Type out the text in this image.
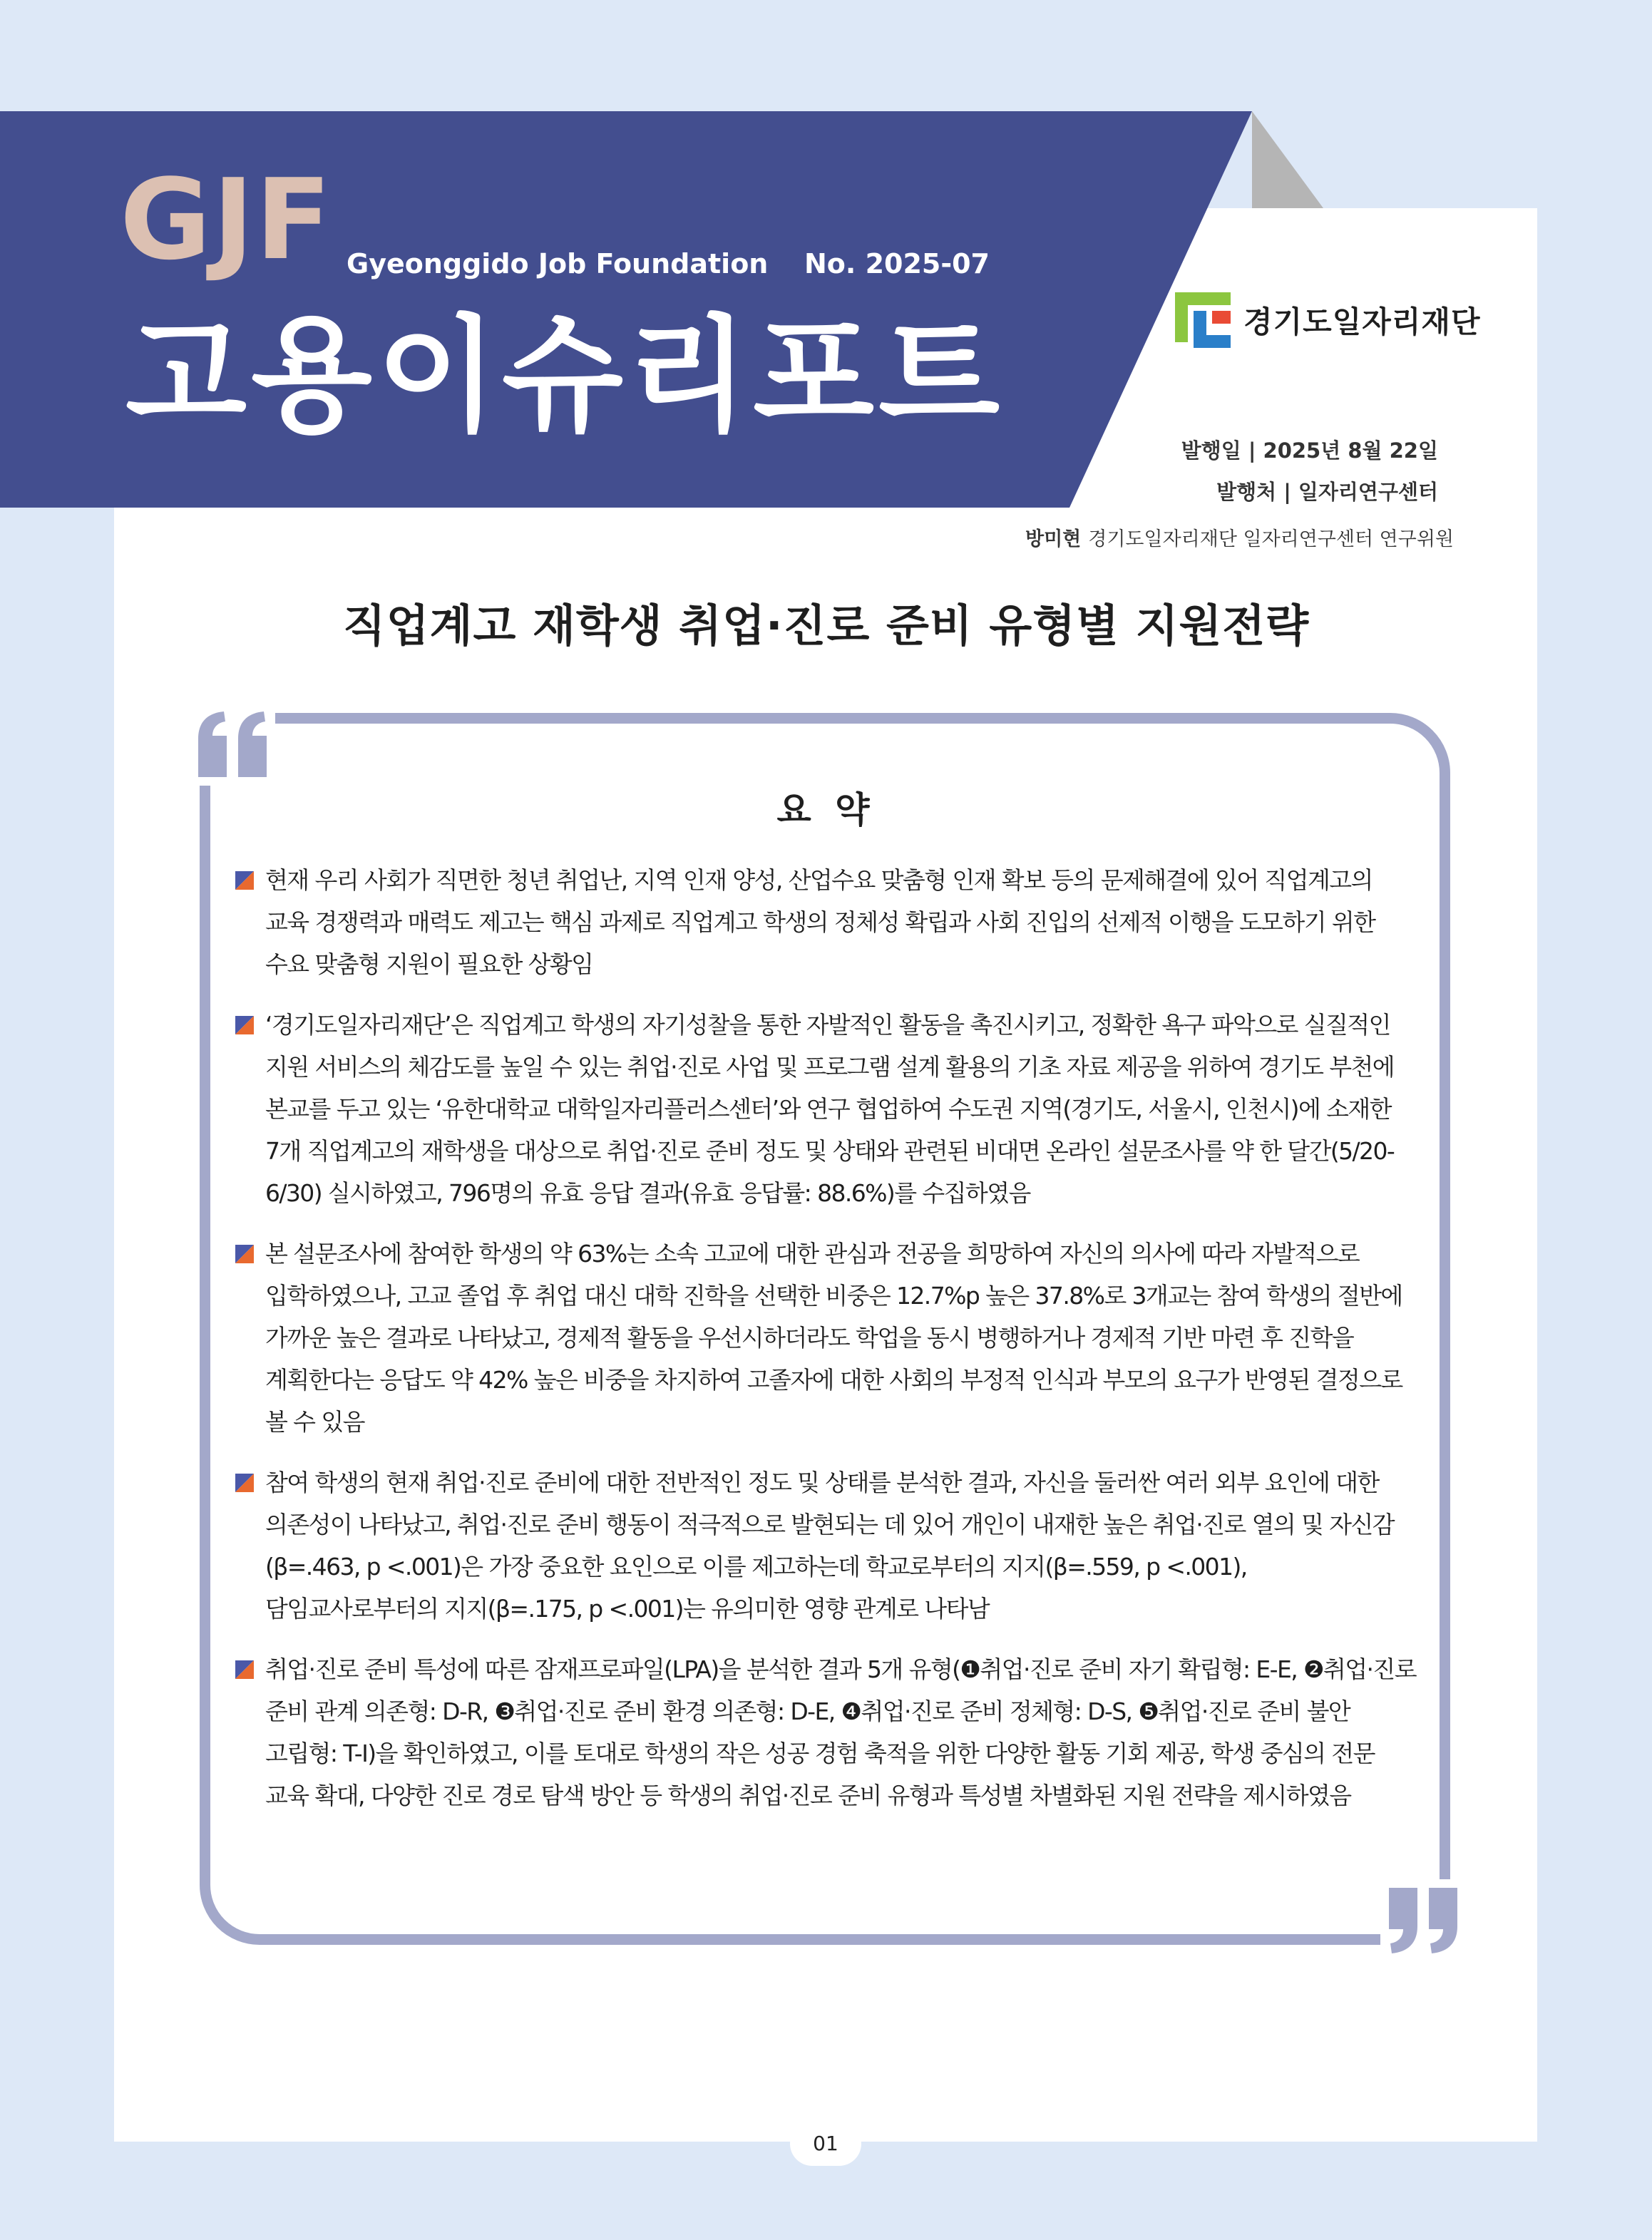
GJF Gyeonggido Job Foundation No. 2025-07
고용이슈리포트	경기도일자리재단
발행일 | 2025년 8월 22일
발행처 | 일자리연구센터
방미현 경기도일자리재단 일자리연구센터 연구위원
직업계고 재학생 취업·진로 준비 유형별 지원전략
요 약
현재 우리 사회가 직면한 청년 취업난, 지역 인재 양성, 산업수요 맞춤형 인재 확보 등의 문제해결에 있어 직업계고의 교육 경쟁력과 매력도 제고는 핵심 과제로 직업계고 학생의 정체성 확립과 사회 진입의 선제적 이행을 도모하기 위한 수요 맞춤형 지원이 필요한 상황임
‘경기도일자리재단’은 직업계고 학생의 자기성찰을 통한 자발적인 활동을 촉진시키고, 정확한 욕구 파악으로 실질적인 지원 서비스의 체감도를 높일 수 있는 취업·진로 사업 및 프로그램 설계 활용의 기초 자료 제공을 위하여 경기도 부천에 본교를 두고 있는 ‘유한대학교 대학일자리플러스센터’와 연구 협업하여 수도권 지역(경기도, 서울시, 인천시)에 소재한 7개 직업계고의 재학생을 대상으로 취업·진로 준비 정도 및 상태와 관련된 비대면 온라인 설문조사를 약 한 달간(5/20-6/30) 실시하였고, 796명의 유효 응답 결과(유효 응답률: 88.6%)를 수집하였음
본 설문조사에 참여한 학생의 약 63%는 소속 고교에 대한 관심과 전공을 희망하여 자신의 의사에 따라 자발적으로 입학하였으나, 고교 졸업 후 취업 대신 대학 진학을 선택한 비중은 12.7%p 높은 37.8%로 3개교는 참여 학생의 절반에 가까운 높은 결과로 나타났고, 경제적 활동을 우선시하더라도 학업을 동시 병행하거나 경제적 기반 마련 후 진학을 계획한다는 응답도 약 42% 높은 비중을 차지하여 고졸자에 대한 사회의 부정적 인식과 부모의 요구가 반영된 결정으로 볼 수 있음
참여 학생의 현재 취업·진로 준비에 대한 전반적인 정도 및 상태를 분석한 결과, 자신을 둘러싼 여러 외부 요인에 대한 의존성이 나타났고, 취업·진로 준비 행동이 적극적으로 발현되는 데 있어 개인이 내재한 높은 취업·진로 열의 및 자신감(β=.463, p <.001)은 가장 중요한 요인으로 이를 제고하는데 학교로부터의 지지(β=.559, p <.001), 담임교사로부터의 지지(β=.175, p <.001)는 유의미한 영향 관계로 나타남
취업·진로 준비 특성에 따른 잠재프로파일(LPA)을 분석한 결과 5개 유형(❶취업·진로 준비 자기 확립형: E-E, ❷취업·진로 준비 관계 의존형: D-R, ❸취업·진로 준비 환경 의존형: D-E, ❹취업·진로 준비 정체형: D-S, ❺취업·진로 준비 불안 고립형: T-I)을 확인하였고, 이를 토대로 학생의 작은 성공 경험 축적을 위한 다양한 활동 기회 제공, 학생 중심의 전문 교육 확대, 다양한 진로 경로 탐색 방안 등 학생의 취업·진로 준비 유형과 특성별 차별화된 지원 전략을 제시하였음
01
